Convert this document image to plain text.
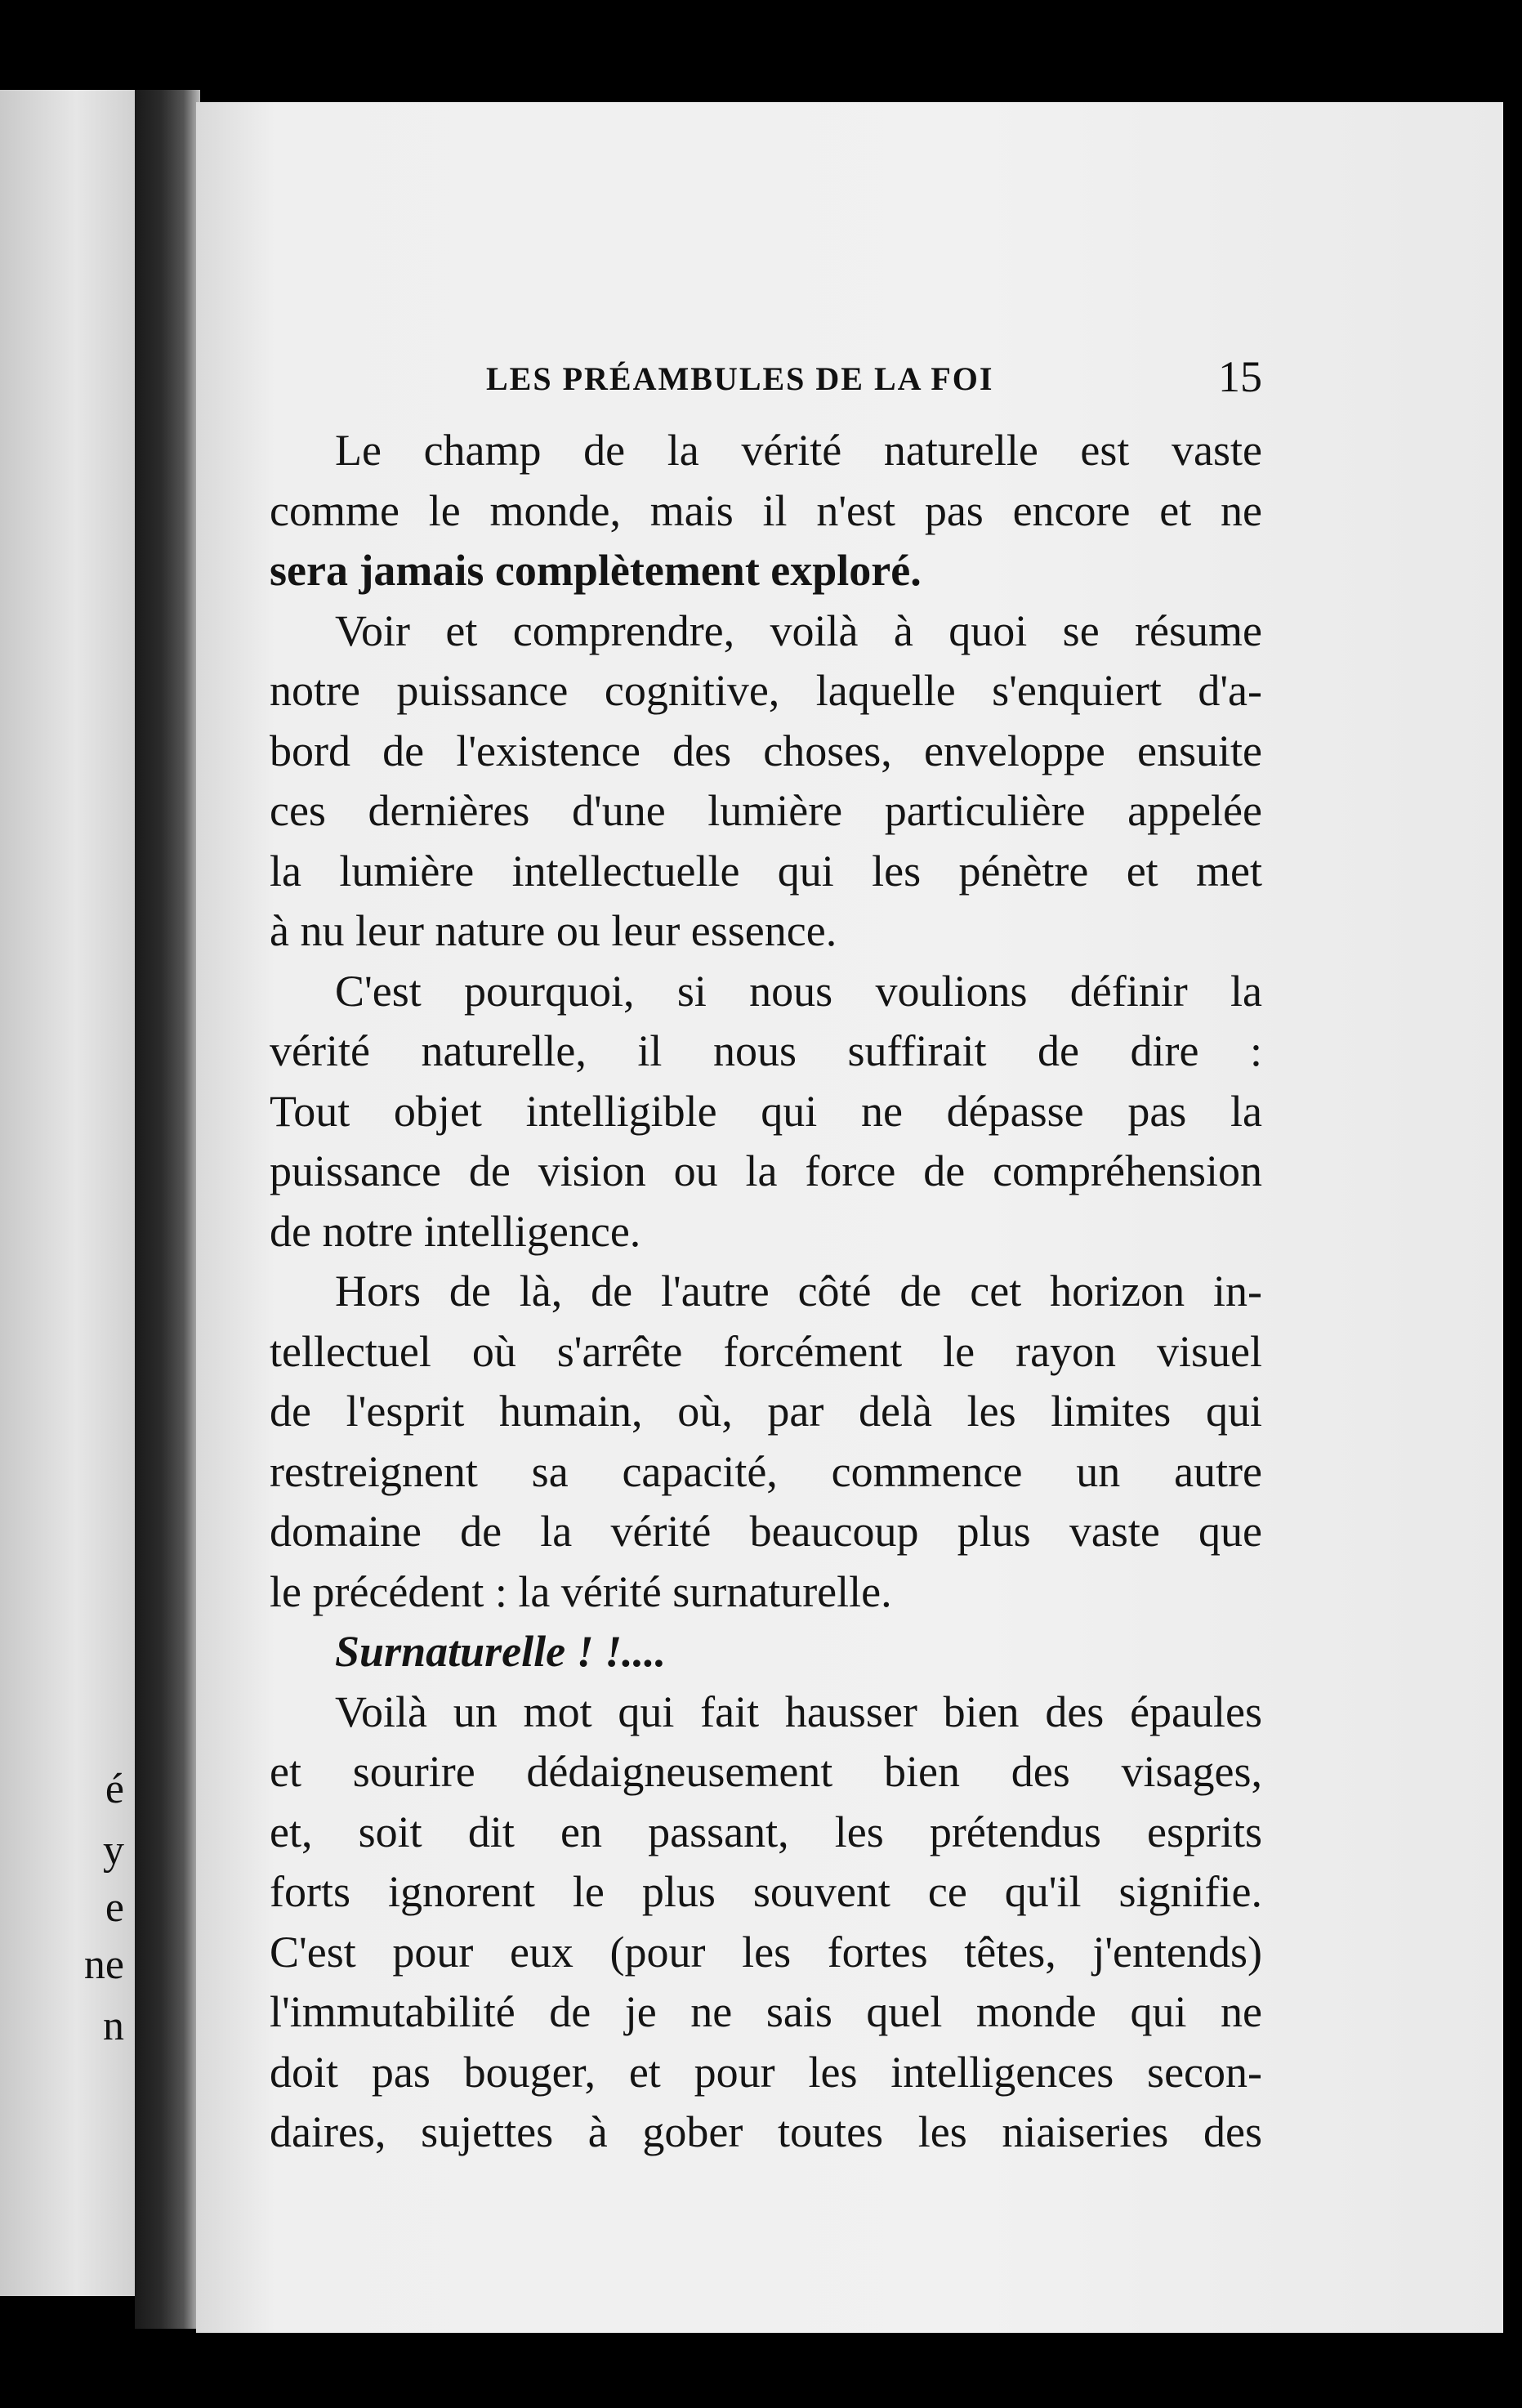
é
y
e
ne
n
LES PRÉAMBULES DE LA FOI	15
Le champ de la vérité naturelle est vaste
comme le monde, mais il n'est pas encore et ne
sera jamais complètement exploré.
Voir et comprendre, voilà à quoi se résume
notre puissance cognitive, laquelle s'enquiert d'a-
bord de l'existence des choses, enveloppe ensuite
ces dernières d'une lumière particulière appelée
la lumière intellectuelle qui les pénètre et met
à nu leur nature ou leur essence.
C'est pourquoi, si nous voulions définir la
vérité naturelle, il nous suffirait de dire :
Tout objet intelligible qui ne dépasse pas la
puissance de vision ou la force de compréhension
de notre intelligence.
Hors de là, de l'autre côté de cet horizon in-
tellectuel où s'arrête forcément le rayon visuel
de l'esprit humain, où, par delà les limites qui
restreignent sa capacité, commence un autre
domaine de la vérité beaucoup plus vaste que
le précédent : la vérité surnaturelle.
Surnaturelle ! !....
Voilà un mot qui fait hausser bien des épaules
et sourire dédaigneusement bien des visages,
et, soit dit en passant, les prétendus esprits
forts ignorent le plus souvent ce qu'il signifie.
C'est pour eux (pour les fortes têtes, j'entends)
l'immutabilité de je ne sais quel monde qui ne
doit pas bouger, et pour les intelligences secon-
daires, sujettes à gober toutes les niaiseries des
